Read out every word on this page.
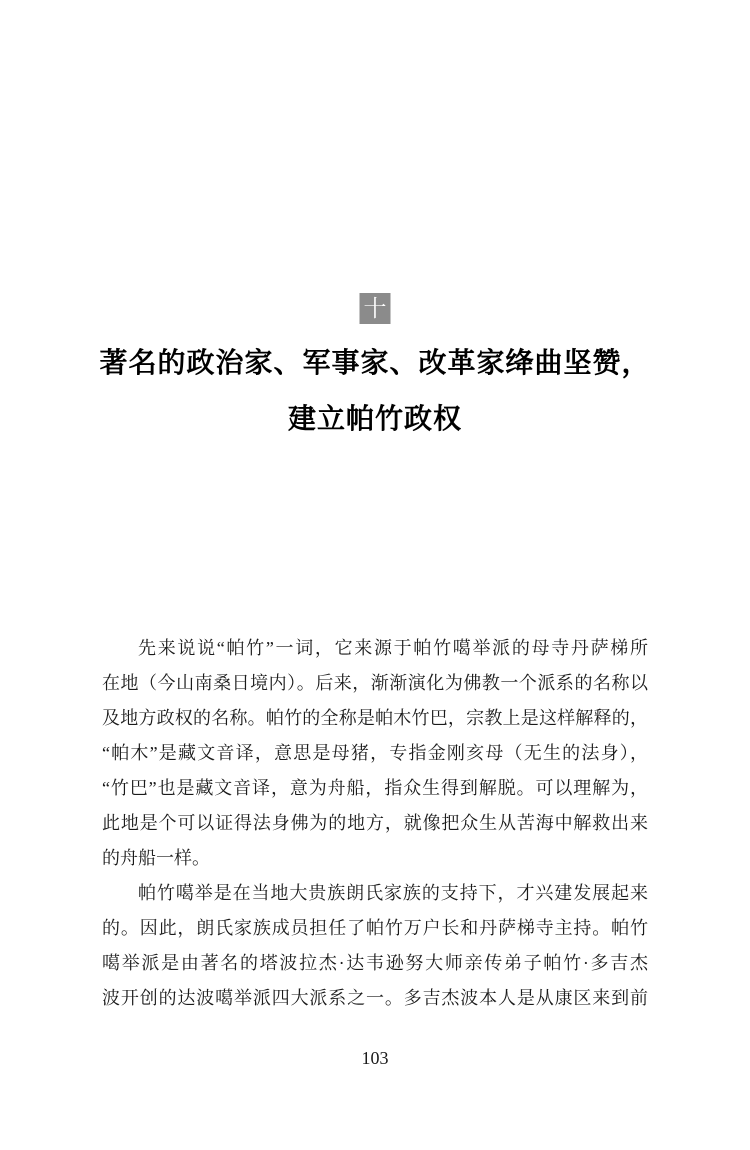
十
著名的政治家、军事家、改革家绛曲坚赞，
建立帕竹政权
先来说说“帕竹”一词，它来源于帕竹噶举派的母寺丹萨梯所
在地（今山南桑日境内）。后来，渐渐演化为佛教一个派系的名称以
及地方政权的名称。帕竹的全称是帕木竹巴，宗教上是这样解释的，
“帕木”是藏文音译，意思是母猪，专指金刚亥母（无生的法身），
“竹巴”也是藏文音译，意为舟船，指众生得到解脱。可以理解为，
此地是个可以证得法身佛为的地方，就像把众生从苦海中解救出来
的舟船一样。
帕竹噶举是在当地大贵族朗氏家族的支持下，才兴建发展起来
的。因此，朗氏家族成员担任了帕竹万户长和丹萨梯寺主持。帕竹
噶举派是由著名的塔波拉杰·达韦逊努大师亲传弟子帕竹·多吉杰
波开创的达波噶举派四大派系之一。多吉杰波本人是从康区来到前
103
